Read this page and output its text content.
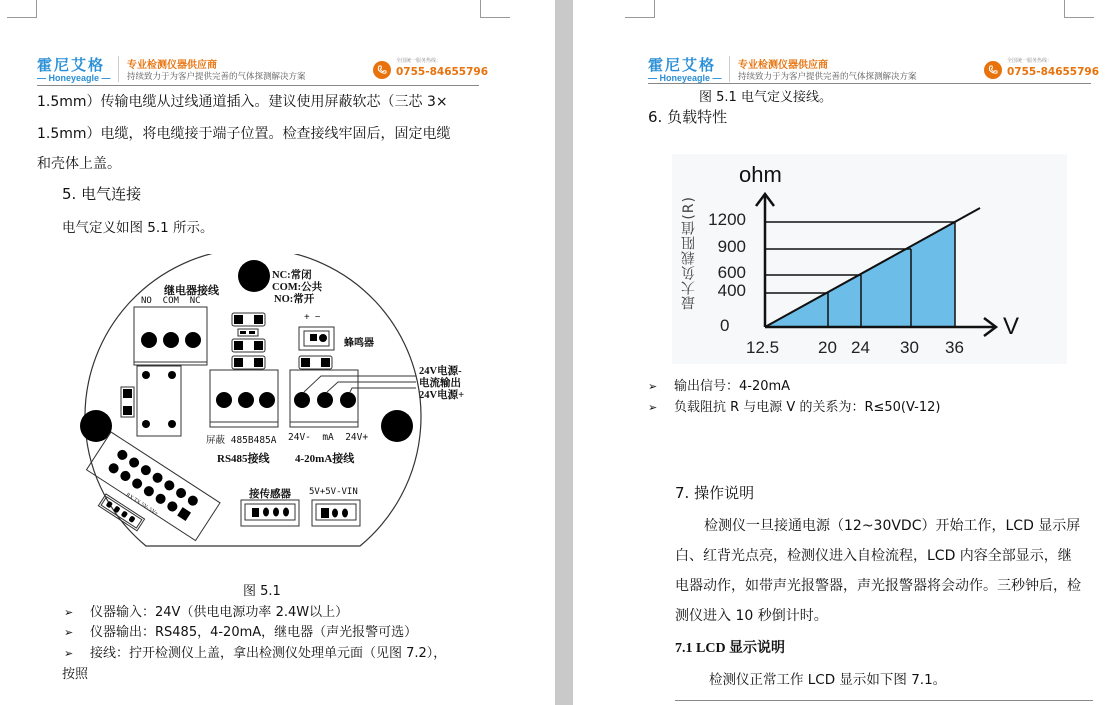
霍尼艾格
— Honeyeagle —
专业检测仪器供应商
持续致力于为客户提供完善的气体探测解决方案
全国统一服务热线：
0755-84655796
1.5mm）传输电缆从过线通道插入。建议使用屏蔽软芯（三芯 3×
1.5mm）电缆，将电缆接于端子位置。检查接线牢固后，固定电缆
和壳体上盖。
5. 电气连接
电气定义如图 5.1 所示。
继电器接线
NO  COM  NC
NC:常闭
COM:公共
NO:常开
+  −
蜂鸣器
24V电源-
电流输出
24V电源+
屏蔽 485B485A 24V-  mA  24V+
RS485接线 4-20mA接线
接传感器 5V+5V-VIN
RX TX 5V- 5V+
图 5.1
➢ 仪器输入：24V（供电电源功率 2.4W以上）
➢ 仪器输出：RS485，4-20mA，继电器（声光报警可选）
➢ 接线：拧开检测仪上盖，拿出检测仪处理单元面（见图 7.2），
按照
霍尼艾格
— Honeyeagle —
专业检测仪器供应商
持续致力于为客户提供完善的气体探测解决方案
全国统一服务热线：
0755-84655796
图 5.1 电气定义接线。
6. 负载特性
➢ 输出信号：4-20mA
➢ 负载阻抗 R 与电源 V 的关系为：R≤50(V-12)
7. 操作说明
检测仪一旦接通电源（12~30VDC）开始工作，LCD 显示屏
白、红背光点亮，检测仪进入自检流程，LCD 内容全部显示，继
电器动作，如带声光报警器，声光报警器将会动作。三秒钟后，检
测仪进入 10 秒倒计时。
7.1 LCD 显示说明
检测仪正常工作 LCD 显示如下图 7.1。
ohm
V
最大负载阻值(R) 1200
900
600
400
0
12.5 20 24 30 36
